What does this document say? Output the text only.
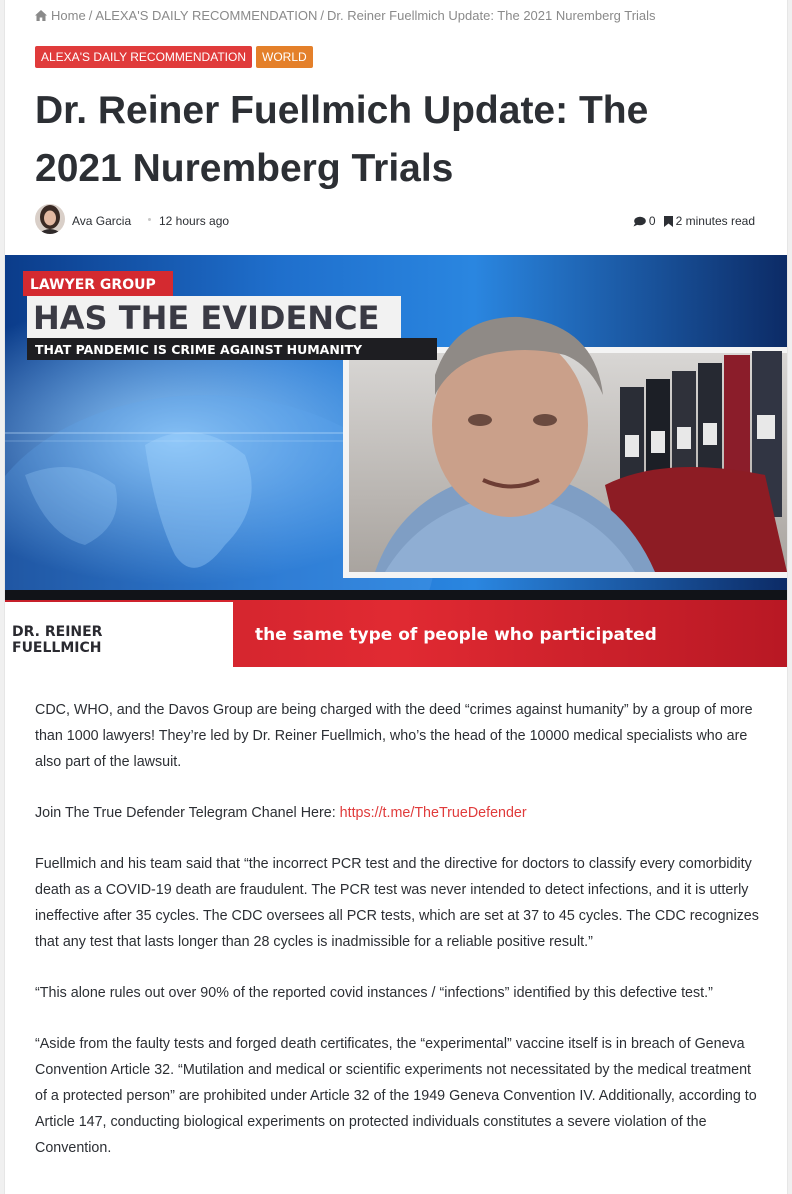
Home / ALEXA'S DAILY RECOMMENDATION / Dr. Reiner Fuellmich Update: The 2021 Nuremberg Trials
ALEXA'S DAILY RECOMMENDATION	WORLD
Dr. Reiner Fuellmich Update: The 2021 Nuremberg Trials
Ava Garcia 12 hours ago	0 2 minutes read
LAWYER GROUP
HAS THE EVIDENCE
THAT PANDEMIC IS CRIME AGAINST HUMANITY
DR. REINER
FUELLMICH
the same type of people who participated

CDC, WHO, and the Davos Group are being charged with the deed “crimes against humanity” by a group of more than 1000 lawyers! They’re led by Dr. Reiner Fuellmich, who’s the head of the 10000 medical specialists who are also part of the lawsuit.

Join The True Defender Telegram Chanel Here: https://t.me/TheTrueDefender

Fuellmich and his team said that “the incorrect PCR test and the directive for doctors to classify every comorbidity death as a COVID-19 death are fraudulent. The PCR test was never intended to detect infections, and it is utterly ineffective after 35 cycles. The CDC oversees all PCR tests, which are set at 37 to 45 cycles. The CDC recognizes that any test that lasts longer than 28 cycles is inadmissible for a reliable positive result.”

“This alone rules out over 90% of the reported covid instances / “infections” identified by this defective test.”

“Aside from the faulty tests and forged death certificates, the “experimental” vaccine itself is in breach of Geneva Convention Article 32. “Mutilation and medical or scientific experiments not necessitated by the medical treatment of a protected person” are prohibited under Article 32 of the 1949 Geneva Convention IV. Additionally, according to Article 147, conducting biological experiments on protected individuals constitutes a severe violation of the Convention.
